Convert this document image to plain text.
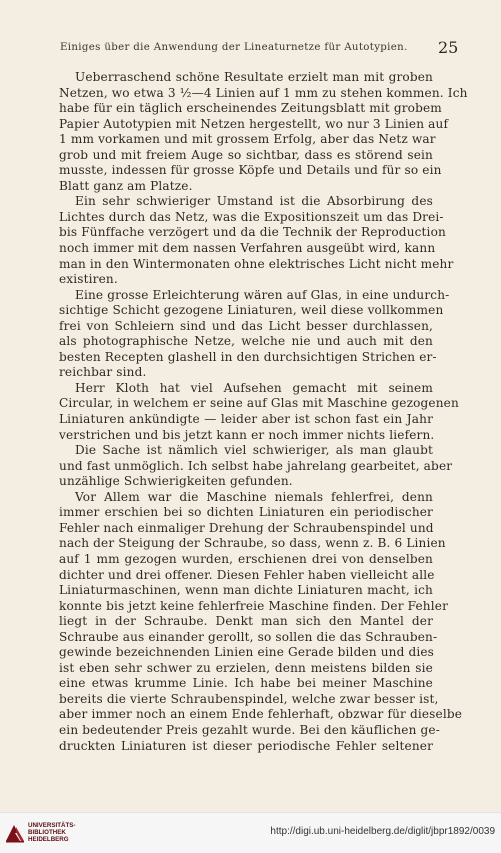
Einiges über die Anwendung der Lineaturnetze für Autotypien.	25
Ueberraschend schöne Resultate erzielt man mit groben
Netzen, wo etwa 3 ½—4 Linien auf 1 mm zu stehen kommen. Ich
habe für ein täglich erscheinendes Zeitungsblatt mit grobem
Papier Autotypien mit Netzen hergestellt, wo nur 3 Linien auf
1 mm vorkamen und mit grossem Erfolg, aber das Netz war
grob und mit freiem Auge so sichtbar, dass es störend sein
musste, indessen für grosse Köpfe und Details und für so ein
Blatt ganz am Platze.
Ein sehr schwieriger Umstand ist die Absorbirung des
Lichtes durch das Netz, was die Expositionszeit um das Drei-
bis Fünffache verzögert und da die Technik der Reproduction
noch immer mit dem nassen Verfahren ausgeübt wird, kann
man in den Wintermonaten ohne elektrisches Licht nicht mehr
existiren.
Eine grosse Erleichterung wären auf Glas, in eine undurch-
sichtige Schicht gezogene Liniaturen, weil diese vollkommen
frei von Schleiern sind und das Licht besser durchlassen,
als photographische Netze, welche nie und auch mit den
besten Recepten glashell in den durchsichtigen Strichen er-
reichbar sind.
Herr Kloth hat viel Aufsehen gemacht mit seinem
Circular, in welchem er seine auf Glas mit Maschine gezogenen
Liniaturen ankündigte — leider aber ist schon fast ein Jahr
verstrichen und bis jetzt kann er noch immer nichts liefern.
Die Sache ist nämlich viel schwieriger, als man glaubt
und fast unmöglich. Ich selbst habe jahrelang gearbeitet, aber
unzählige Schwierigkeiten gefunden.
Vor Allem war die Maschine niemals fehlerfrei, denn
immer erschien bei so dichten Liniaturen ein periodischer
Fehler nach einmaliger Drehung der Schraubenspindel und
nach der Steigung der Schraube, so dass, wenn z. B. 6 Linien
auf 1 mm gezogen wurden, erschienen drei von denselben
dichter und drei offener. Diesen Fehler haben vielleicht alle
Liniaturmaschinen, wenn man dichte Liniaturen macht, ich
konnte bis jetzt keine fehlerfreie Maschine finden. Der Fehler
liegt in der Schraube. Denkt man sich den Mantel der
Schraube aus einander gerollt, so sollen die das Schrauben-
gewinde bezeichnenden Linien eine Gerade bilden und dies
ist eben sehr schwer zu erzielen, denn meistens bilden sie
eine etwas krumme Linie. Ich habe bei meiner Maschine
bereits die vierte Schraubenspindel, welche zwar besser ist,
aber immer noch an einem Ende fehlerhaft, obzwar für dieselbe
ein bedeutender Preis gezahlt wurde. Bei den käuflichen ge-
druckten Liniaturen ist dieser periodische Fehler seltener
UNIVERSITÄTS-
BIBLIOTHEK
HEIDELBERG
http://digi.ub.uni-heidelberg.de/diglit/jbpr1892/0039
